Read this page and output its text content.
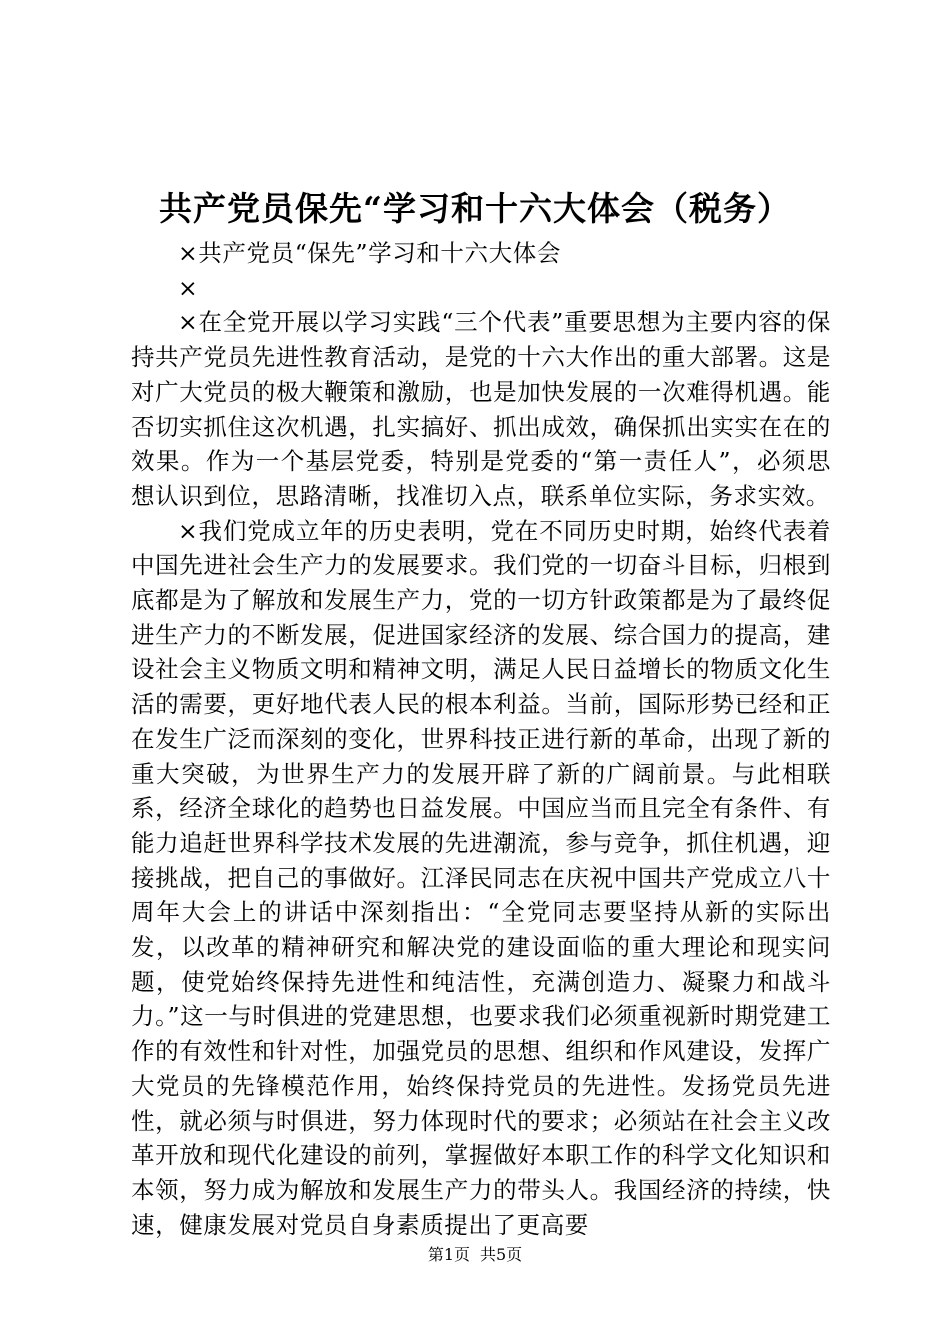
共产党员保先“学习和十六大体会（税务）

×共产党员“保先”学习和十六大体会

×

×在全党开展以学习实践“三个代表”重要思想为主要内容的保持共产党员先进性教育活动，是党的十六大作出的重大部署。这是对广大党员的极大鞭策和激励，也是加快发展的一次难得机遇。能否切实抓住这次机遇，扎实搞好、抓出成效，确保抓出实实在在的效果。作为一个基层党委，特别是党委的“第一责任人”，必须思想认识到位，思路清晰，找准切入点，联系单位实际，务求实效。

×我们党成立年的历史表明，党在不同历史时期，始终代表着中国先进社会生产力的发展要求。我们党的一切奋斗目标，归根到底都是为了解放和发展生产力，党的一切方针政策都是为了最终促进生产力的不断发展，促进国家经济的发展、综合国力的提高，建设社会主义物质文明和精神文明，满足人民日益增长的物质文化生活的需要，更好地代表人民的根本利益。当前，国际形势已经和正在发生广泛而深刻的变化，世界科技正进行新的革命，出现了新的重大突破，为世界生产力的发展开辟了新的广阔前景。与此相联系，经济全球化的趋势也日益发展。中国应当而且完全有条件、有能力追赶世界科学技术发展的先进潮流，参与竞争，抓住机遇，迎接挑战，把自己的事做好。江泽民同志在庆祝中国共产党成立八十周年大会上的讲话中深刻指出：“全党同志要坚持从新的实际出发，以改革的精神研究和解决党的建设面临的重大理论和现实问题，使党始终保持先进性和纯洁性，充满创造力、凝聚力和战斗力。”这一与时俱进的党建思想，也要求我们必须重视新时期党建工作的有效性和针对性，加强党员的思想、组织和作风建设，发挥广大党员的先锋模范作用，始终保持党员的先进性。发扬党员先进性，就必须与时俱进，努力体现时代的要求；必须站在社会主义改革开放和现代化建设的前列，掌握做好本职工作的科学文化知识和本领，努力成为解放和发展生产力的带头人。我国经济的持续，快速，健康发展对党员自身素质提出了更高要

第1页 共5页
